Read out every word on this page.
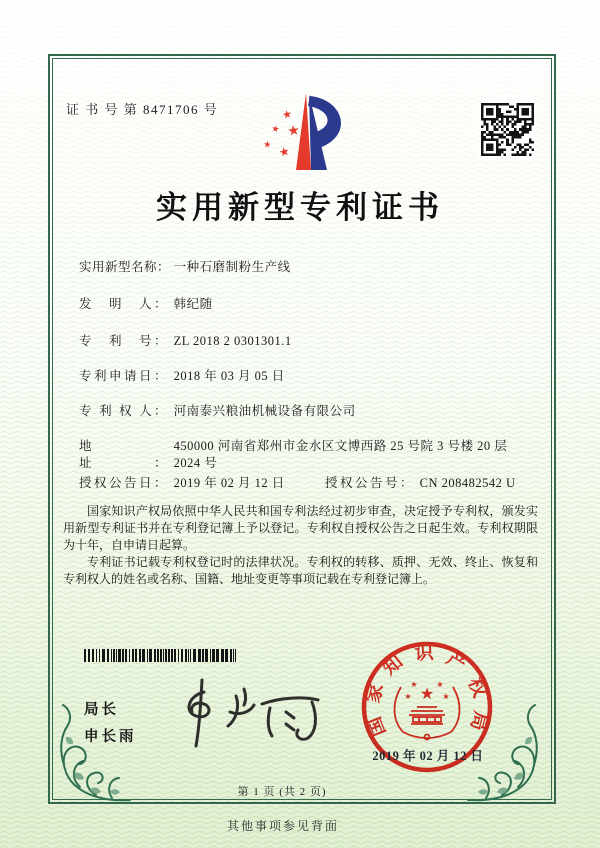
证 书 号 第 8471706 号	★
★ ★
★ ★
实用新型专利证书
实用新型名称： 一种石磨制粉生产线
发　明　人： 韩纪随
专　利　号： ZL 2018 2 0301301.1
专利申请日： 2018 年 03 月 05 日
专 利 权 人： 河南泰兴粮油机械设备有限公司
地　　　　址： 450000 河南省郑州市金水区文博西路 25 号院 3 号楼 20 层 2024 号
授权公告日： 2019 年 02 月 12 日	授权公告号： CN 208482542 U

国家知识产权局依照中华人民共和国专利法经过初步审查，决定授予专利权，颁发实用新型专利证书并在专利登记簿上予以登记。专利权自授权公告之日起生效。专利权期限为十年，自申请日起算。

专利证书记载专利权登记时的法律状况。专利权的转移、质押、无效、终止、恢复和专利权人的姓名或名称、国籍、地址变更等事项记载在专利登记簿上。

局长
申长雨	国家知识产权局
★
★ ★
★	★
2019 年 02 月 12 日
第 1 页 (共 2 页)
其他事项参见背面
